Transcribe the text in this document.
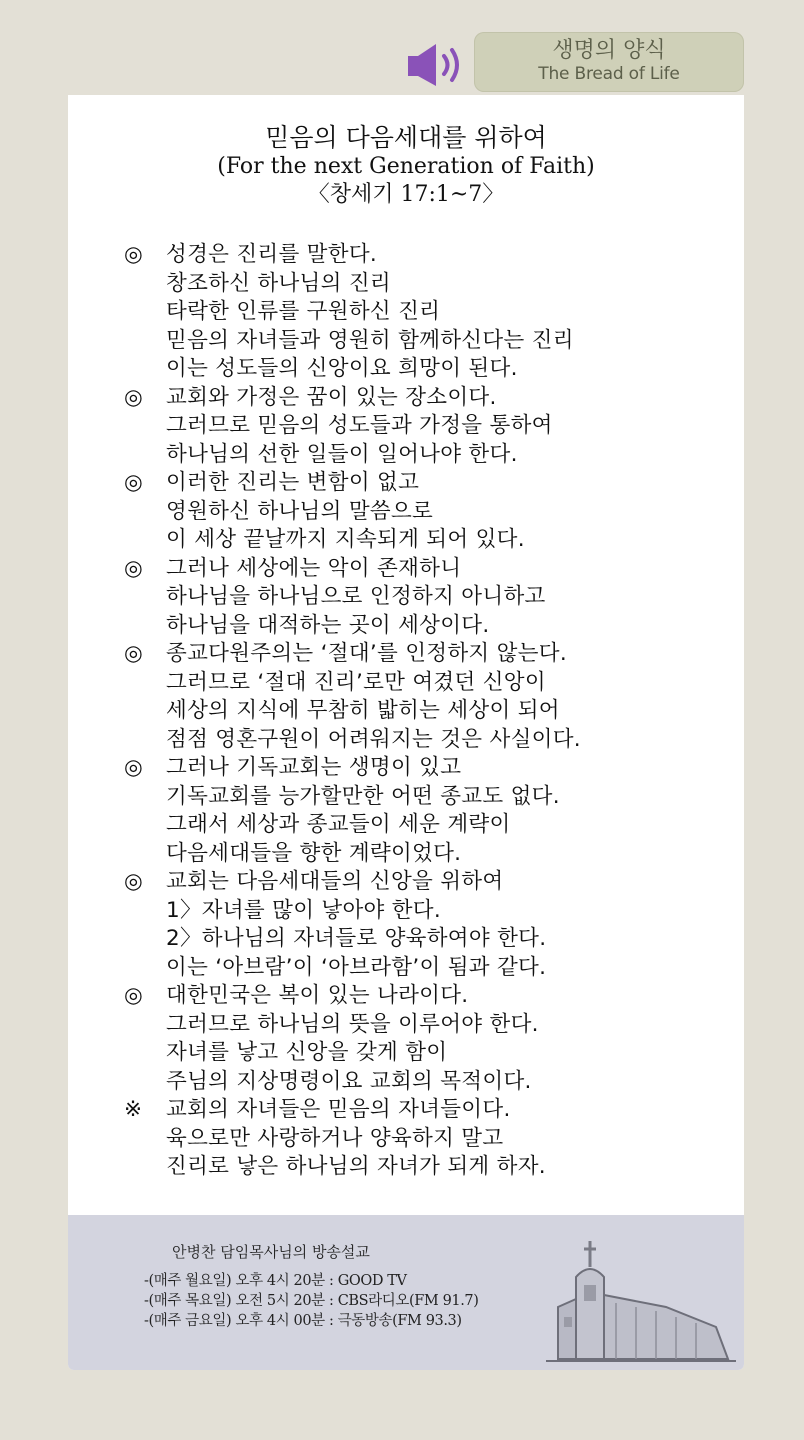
생명의 양식
The Bread of Life
믿음의 다음세대를 위하여
(For the next Generation of Faith)
〈창세기 17:1~7〉
◎ 성경은 진리를 말한다.
창조하신 하나님의 진리
타락한 인류를 구원하신 진리
믿음의 자녀들과 영원히 함께하신다는 진리
이는 성도들의 신앙이요 희망이 된다.
◎ 교회와 가정은 꿈이 있는 장소이다.
그러므로 믿음의 성도들과 가정을 통하여
하나님의 선한 일들이 일어나야 한다.
◎ 이러한 진리는 변함이 없고
영원하신 하나님의 말씀으로
이 세상 끝날까지 지속되게 되어 있다.
◎ 그러나 세상에는 악이 존재하니
하나님을 하나님으로 인정하지 아니하고
하나님을 대적하는 곳이 세상이다.
◎ 종교다원주의는 ‘절대’를 인정하지 않는다.
그러므로 ‘절대 진리’로만 여겼던 신앙이
세상의 지식에 무참히 밟히는 세상이 되어
점점 영혼구원이 어려워지는 것은 사실이다.
◎ 그러나 기독교회는 생명이 있고
기독교회를 능가할만한 어떤 종교도 없다.
그래서 세상과 종교들이 세운 계략이
다음세대들을 향한 계략이었다.
◎ 교회는 다음세대들의 신앙을 위하여
1〉자녀를 많이 낳아야 한다.
2〉하나님의 자녀들로 양육하여야 한다.
이는 ‘아브람’이 ‘아브라함’이 됨과 같다.
◎ 대한민국은 복이 있는 나라이다.
그러므로 하나님의 뜻을 이루어야 한다.
자녀를 낳고 신앙을 갖게 함이
주님의 지상명령이요 교회의 목적이다.
※ 교회의 자녀들은 믿음의 자녀들이다.
육으로만 사랑하거나 양육하지 말고
진리로 낳은 하나님의 자녀가 되게 하자.
안병찬 담임목사님의 방송설교
-(매주 월요일) 오후 4시 20분 : GOOD TV
-(매주 목요일) 오전 5시 20분 : CBS라디오(FM 91.7)
-(매주 금요일) 오후 4시 00분 : 극동방송(FM 93.3)
